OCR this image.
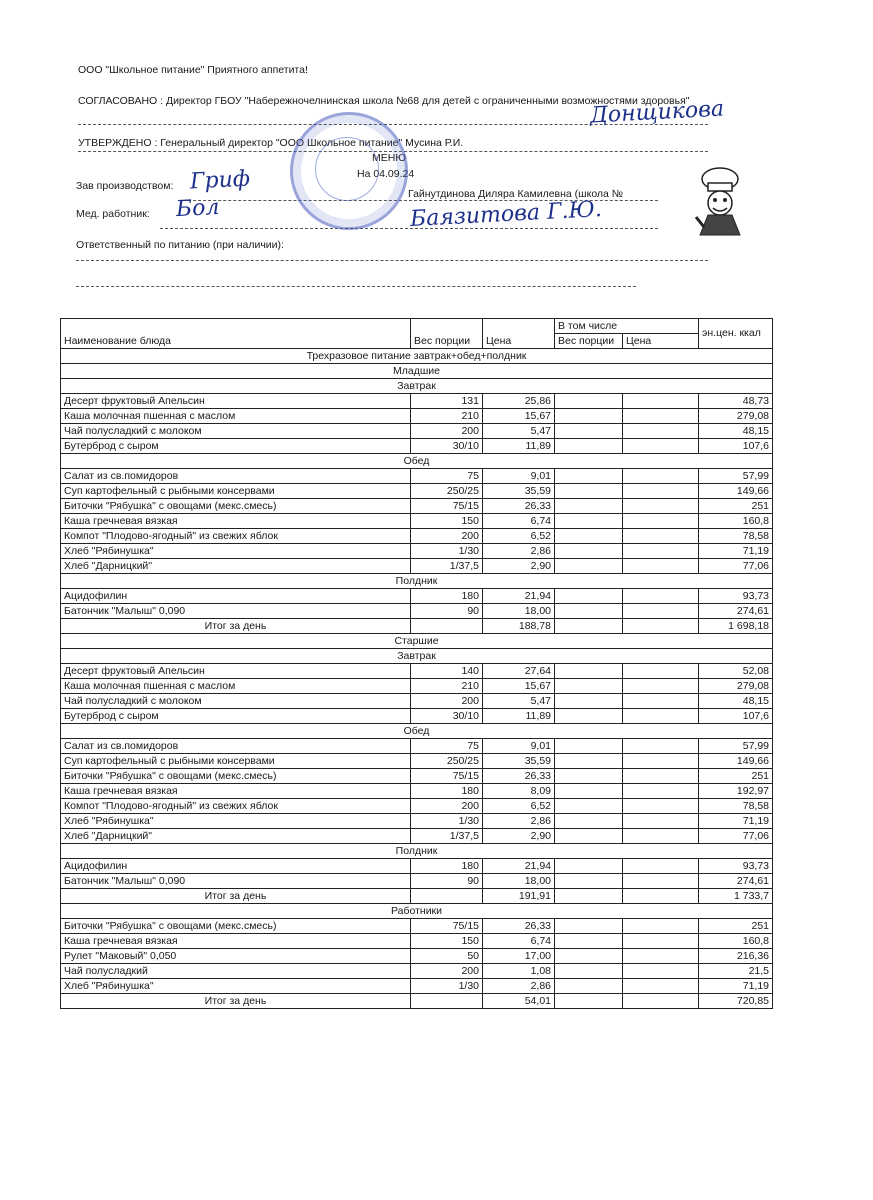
ООО "Школьное питание" Приятного аппетита!
СОГЛАСОВАНО : Директор ГБОУ "Набережночелнинская школа №68 для детей с ограниченными возможностями здоровья"
УТВЕРЖДЕНО : Генеральный директор "ООО Школьное питание" Мусина Р.И.
МЕНЮ
На 04.09.24
Зав производством:
Гайнутдинова Диляра Камилевна (школа №
Мед. работник:
Ответственный по питанию (при наличии):
Донщикова
Гриф
Бол	Баязитова Г.Ю.
Наименование блюда	Вес порции	Цена	В том числе		эн.цен. ккал
			Вес порции	Цена	
Трехразовое питание завтрак+обед+полдник					
Младшие					
Завтрак					
Десерт фруктовый Апельсин	131	25,86			48,73
Каша молочная пшенная с маслом	210	15,67			279,08
Чай полусладкий с молоком	200	5,47			48,15
Бутерброд с сыром	30/10	11,89			107,6
Обед					
Салат из св.помидоров	75	9,01			57,99
Суп картофельный с рыбными консервами	250/25	35,59			149,66
Биточки "Рябушка" с овощами (мекс.смесь)	75/15	26,33			251
Каша гречневая вязкая	150	6,74			160,8
Компот "Плодово-ягодный" из свежих яблок	200	6,52			78,58
Хлеб "Рябинушка"	1/30	2,86			71,19
Хлеб "Дарницкий"	1/37,5	2,90			77,06
Полдник					
Ацидофилин	180	21,94			93,73
Батончик "Малыш" 0,090	90	18,00			274,61
Итог за день		188,78			1 698,18
Старшие					
Завтрак					
Десерт фруктовый Апельсин	140	27,64			52,08
Каша молочная пшенная с маслом	210	15,67			279,08
Чай полусладкий с молоком	200	5,47			48,15
Бутерброд с сыром	30/10	11,89			107,6
Обед					
Салат из св.помидоров	75	9,01			57,99
Суп картофельный с рыбными консервами	250/25	35,59			149,66
Биточки "Рябушка" с овощами (мекс.смесь)	75/15	26,33			251
Каша гречневая вязкая	180	8,09			192,97
Компот "Плодово-ягодный" из свежих яблок	200	6,52			78,58
Хлеб "Рябинушка"	1/30	2,86			71,19
Хлеб "Дарницкий"	1/37,5	2,90			77,06
Полдник					
Ацидофилин	180	21,94			93,73
Батончик "Малыш" 0,090	90	18,00			274,61
Итог за день		191,91			1 733,7
Работники					
Биточки "Рябушка" с овощами (мекс.смесь)	75/15	26,33			251
Каша гречневая вязкая	150	6,74			160,8
Рулет "Маковый" 0,050	50	17,00			216,36
Чай полусладкий	200	1,08			21,5
Хлеб "Рябинушка"	1/30	2,86			71,19
Итог за день		54,01			720,85
